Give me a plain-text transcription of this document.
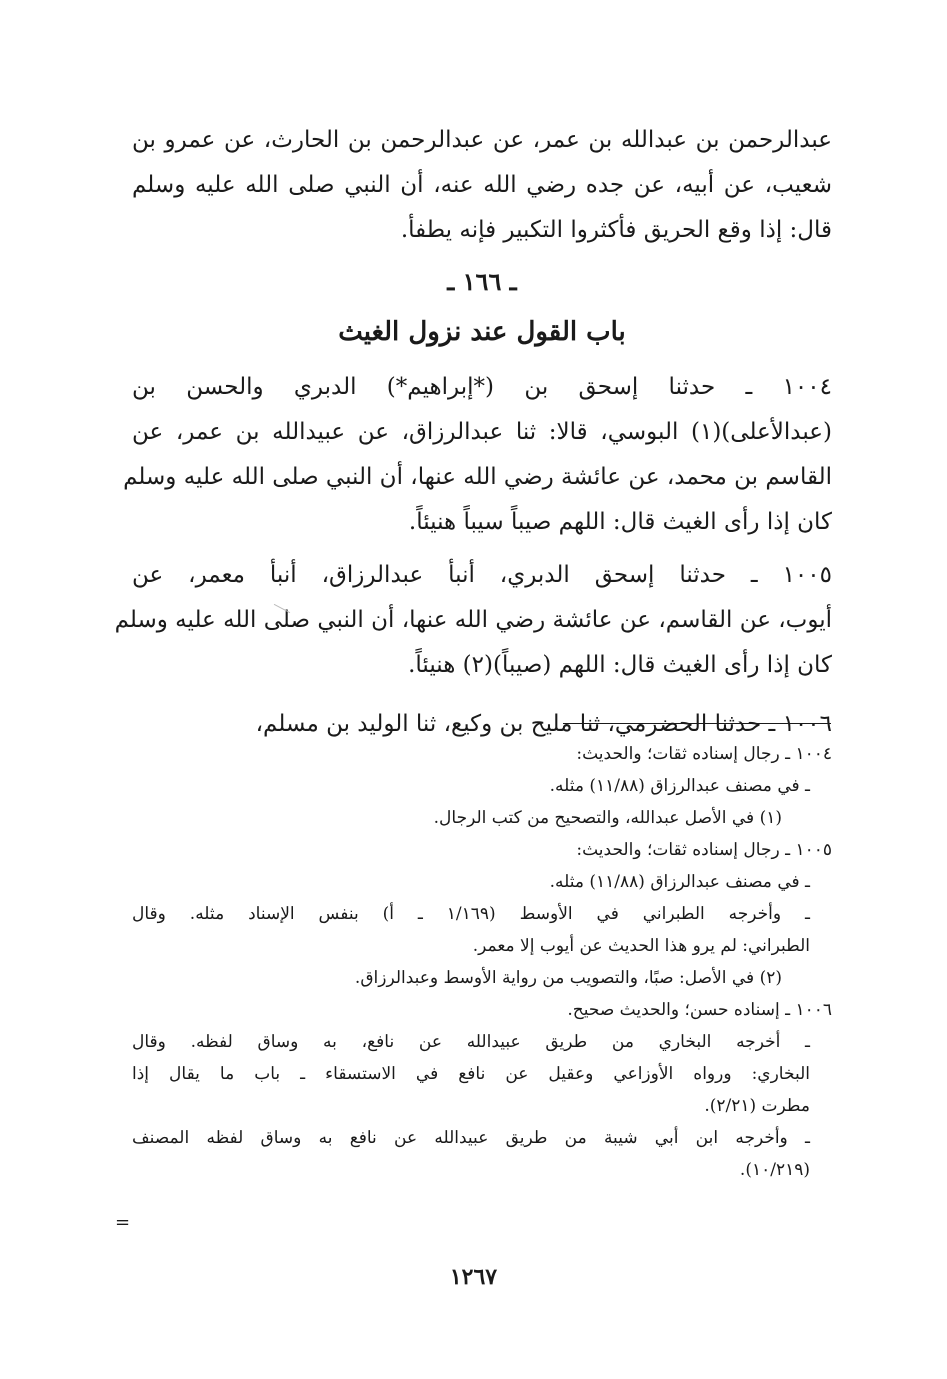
عبدالرحمن بن عبدالله بن عمر، عن عبدالرحمن بن الحارث، عن عمرو بن
شعيب، عن أبيه، عن جده رضي الله عنه، أن النبي صلى الله عليه وسلم
قال: إذا وقع الحريق فأكثروا التكبير فإنه يطفأ.
ـ ١٦٦ ـ
باب القول عند نزول الغيث
١٠٠٤ ـ حدثنا إسحق بن (*إبراهيم*) الدبري والحسن بن
(عبدالأعلى)(١) البوسي، قالا: ثنا عبدالرزاق، عن عبيدالله بن عمر، عن
القاسم بن محمد، عن عائشة رضي الله عنها، أن النبي صلى الله عليه وسلم
كان إذا رأى الغيث قال: اللهم صيباً سيباً هنيئاً.
١٠٠٥ ـ حدثنا إسحق الدبري، أنبأ عبدالرزاق، أنبأ معمر، عن
أيوب، عن القاسم، عن عائشة رضي الله عنها، أن النبي صلى الله عليه وسلم
كان إذا رأى الغيث قال: اللهم (صيباً)(٢) هنيئاً.
١٠٠٦ ـ حدثنا الحضرمي، ثنا مليح بن وكيع، ثنا الوليد بن مسلم،
١٠٠٤ ـ رجال إسناده ثقات؛ والحديث:
ـ في مصنف عبدالرزاق (١١/٨٨) مثله.
(١) في الأصل عبدالله، والتصحيح من كتب الرجال.
١٠٠٥ ـ رجال إسناده ثقات؛ والحديث:
ـ في مصنف عبدالرزاق (١١/٨٨) مثله.
ـ وأخرجه الطبراني في الأوسط (١/١٦٩ ـ أ) بنفس الإسناد مثله. وقال
الطبراني: لم يرو هذا الحديث عن أيوب إلا معمر.
(٢) في الأصل: صبًا، والتصويب من رواية الأوسط وعبدالرزاق.
١٠٠٦ ـ إسناده حسن؛ والحديث صحيح.
ـ أخرجه البخاري من طريق عبيدالله عن نافع، به وساق لفظه. وقال
البخاري: ورواه الأوزاعي وعقيل عن نافع في الاستسقاء ـ باب ما يقال إذا
مطرت (٢/٢١).
ـ وأخرجه ابن أبي شيبة من طريق عبيدالله عن نافع به وساق لفظه المصنف
(١٠/٢١٩).
=
١٢٦٧
